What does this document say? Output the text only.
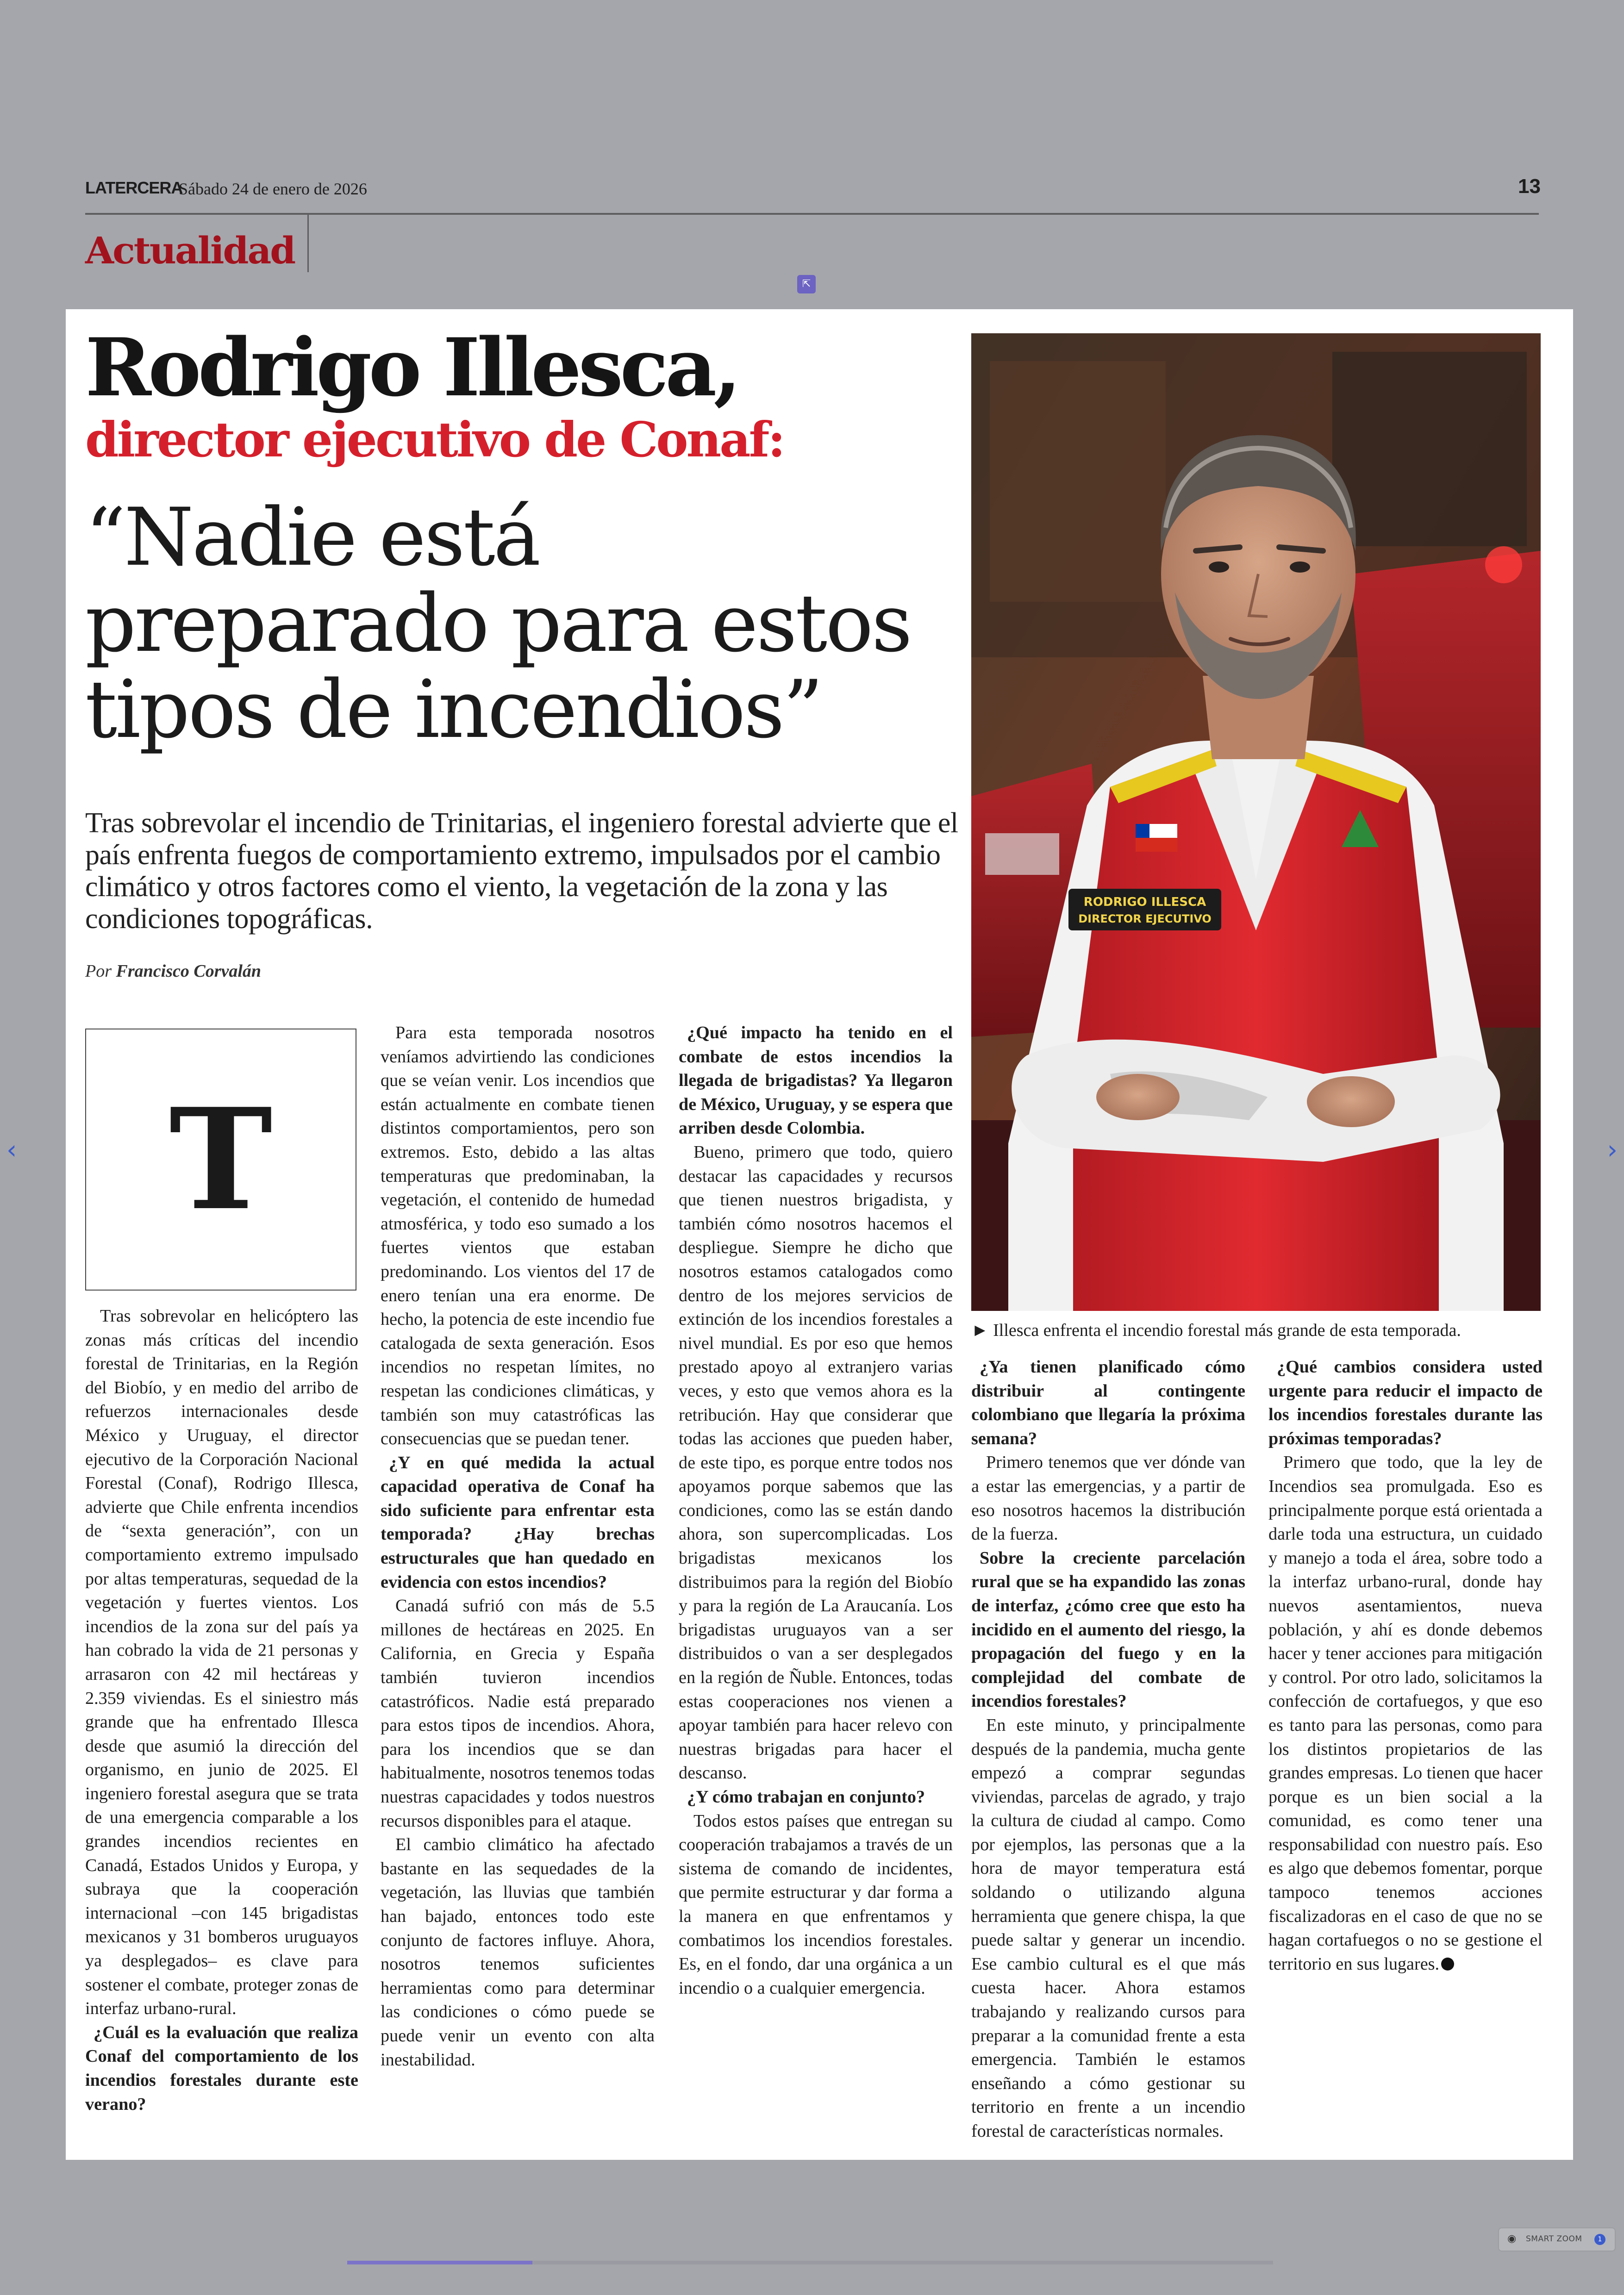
LATERCERA
Sábado 24 de enero de 2026	13
Actualidad
⇱
Rodrigo Illesca,
director ejecutivo de Conaf:
“Nadie está preparado para estos tipos de incendios”
Tras sobrevolar el incendio de Trinitarias, el ingeniero forestal advierte que el país enfrenta fuegos de comportamiento extremo, impulsados por el cambio climático y otros factores como el viento, la vegetación de la zona y las condiciones topográficas.
Por Francisco Corvalán
RODRIGO ILLESCA
DIRECTOR EJECUTIVO
► Illesca enfrenta el incendio forestal más grande de esta temporada.
T

Tras sobrevolar en helicóptero las zonas más críticas del incendio forestal de Trinitarias, en la Región del Biobío, y en medio del arribo de refuerzos internacionales desde México y Uruguay, el director ejecutivo de la Corporación Nacional Forestal (Conaf), Rodrigo Illesca, advierte que Chile enfrenta incendios de “sexta generación”, con un comportamiento extremo impulsado por altas temperaturas, sequedad de la vegetación y fuertes vientos. Los incendios de la zona sur del país ya han cobrado la vida de 21 personas y arrasaron con 42 mil hectáreas y 2.359 viviendas. Es el siniestro más grande que ha enfrentado Illesca desde que asumió la dirección del organismo, en junio de 2025. El ingeniero forestal asegura que se trata de una emergencia comparable a los grandes incendios recientes en Canadá, Estados Unidos y Europa, y subraya que la cooperación internacional –con 145 brigadistas mexicanos y 31 bomberos uruguayos ya desplegados– es clave para sostener el combate, proteger zonas de interfaz urbano-rural.

¿Cuál es la evaluación que realiza Conaf del comportamiento de los incendios forestales durante este verano?

Para esta temporada nosotros veníamos advirtiendo las condiciones que se veían venir. Los incendios que están actualmente en combate tienen distintos comportamientos, pero son extremos. Esto, debido a las altas temperaturas que predominaban, la vegetación, el contenido de humedad atmosférica, y todo eso sumado a los fuertes vientos que estaban predominando. Los vientos del 17 de enero tenían una era enorme. De hecho, la potencia de este incendio fue catalogada de sexta generación. Esos incendios no respetan límites, no respetan las condiciones climáticas, y también son muy catastróficas las consecuencias que se puedan tener.

¿Y en qué medida la actual capacidad operativa de Conaf ha sido suficiente para enfrentar esta temporada? ¿Hay brechas estructurales que han quedado en evidencia con estos incendios?

Canadá sufrió con más de 5.5 millones de hectáreas en 2025. En California, en Grecia y España también tuvieron incendios catastróficos. Nadie está preparado para estos tipos de incendios. Ahora, para los incendios que se dan habitualmente, nosotros tenemos todas nuestras capacidades y todos nuestros recursos disponibles para el ataque.

El cambio climático ha afectado bastante en las sequedades de la vegetación, las lluvias que también han bajado, entonces todo este conjunto de factores influye. Ahora, nosotros tenemos suficientes herramientas como para determinar las condiciones o cómo puede se puede venir un evento con alta inestabilidad.

¿Qué impacto ha tenido en el combate de estos incendios la llegada de brigadistas? Ya llegaron de México, Uruguay, y se espera que arriben desde Colombia.

Bueno, primero que todo, quiero destacar las capacidades y recursos que tienen nuestros brigadista, y también cómo nosotros hacemos el despliegue. Siempre he dicho que nosotros estamos catalogados como dentro de los mejores servicios de extinción de los incendios forestales a nivel mundial. Es por eso que hemos prestado apoyo al extranjero varias veces, y esto que vemos ahora es la retribución. Hay que considerar que todas las acciones que pueden haber, de este tipo, es porque entre todos nos apoyamos porque sabemos que las condiciones, como las se están dando ahora, son supercomplicadas. Los brigadistas mexicanos los distribuimos para la región del Biobío y para la región de La Araucanía. Los brigadistas uruguayos van a ser distribuidos o van a ser desplegados en la región de Ñuble. Entonces, todas estas cooperaciones nos vienen a apoyar también para hacer relevo con nuestras brigadas para hacer el descanso.

¿Y cómo trabajan en conjunto?

Todos estos países que entregan su cooperación trabajamos a través de un sistema de comando de incidentes, que permite estructurar y dar forma a la manera en que enfrentamos y combatimos los incendios forestales. Es, en el fondo, dar una orgánica a un incendio o a cualquier emergencia.

¿Ya tienen planificado cómo distribuir al contingente colombiano que llegaría la próxima semana?

Primero tenemos que ver dónde van a estar las emergencias, y a partir de eso nosotros hacemos la distribución de la fuerza.

Sobre la creciente parcelación rural que se ha expandido las zonas de interfaz, ¿cómo cree que esto ha incidido en el aumento del riesgo, la propagación del fuego y en la complejidad del combate de incendios forestales?

En este minuto, y principalmente después de la pandemia, mucha gente empezó a comprar segundas viviendas, parcelas de agrado, y trajo la cultura de ciudad al campo. Como por ejemplos, las personas que a la hora de mayor temperatura está soldando o utilizando alguna herramienta que genere chispa, la que puede saltar y generar un incendio. Ese cambio cultural es el que más cuesta hacer. Ahora estamos trabajando y realizando cursos para preparar a la comunidad frente a esta emergencia. También le estamos enseñando a cómo gestionar su territorio en frente a un incendio forestal de características normales.

¿Qué cambios considera usted urgente para reducir el impacto de los incendios forestales durante las próximas temporadas?

Primero que todo, que la ley de Incendios sea promulgada. Eso es principalmente porque está orientada a darle toda una estructura, un cuidado y manejo a toda el área, sobre todo a la interfaz urbano-rural, donde hay nuevos asentamientos, nueva población, y ahí es donde debemos hacer y tener acciones para mitigación y control. Por otro lado, solicitamos la confección de cortafuegos, y que eso es tanto para las personas, como para los distintos propietarios de las grandes empresas. Lo tienen que hacer porque es un bien social a la comunidad, es como tener una responsabilidad con nuestro país. Eso es algo que debemos fomentar, porque tampoco tenemos acciones fiscalizadoras en el caso de que no se hagan cortafuegos o no se gestione el territorio en sus lugares.

‹	›
◉ SMART ZOOM	1
